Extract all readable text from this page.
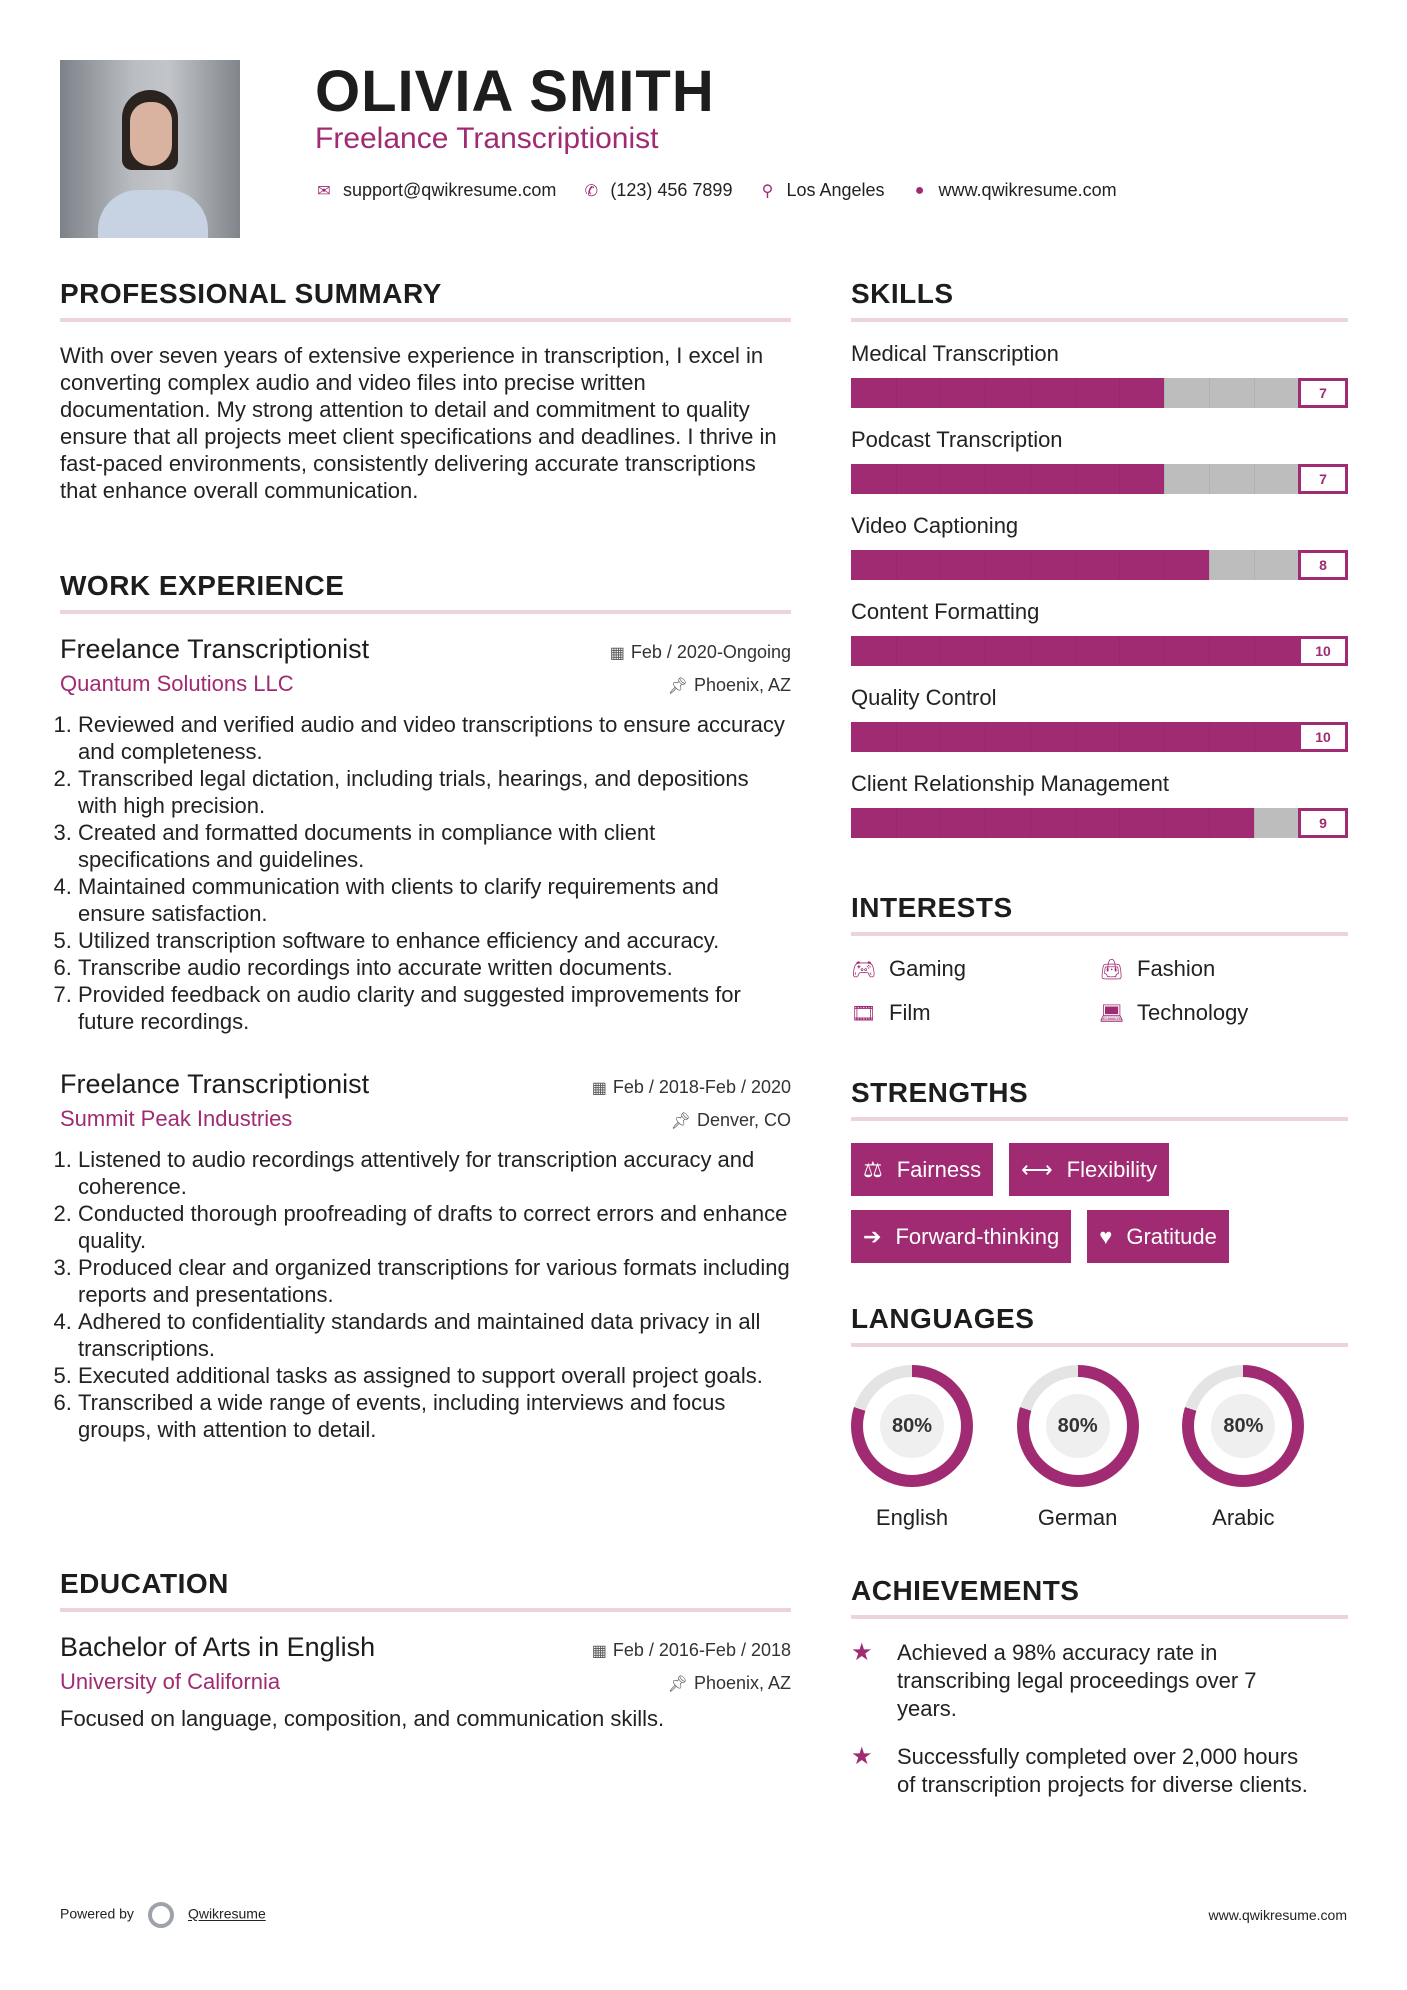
OLIVIA SMITH
Freelance Transcriptionist
✉ support@qwikresume.com ✆ (123) 456 7899 ⚲ Los Angeles ● www.qwikresume.com
PROFESSIONAL SUMMARY

With over seven years of extensive experience in transcription, I excel in converting complex audio and video files into precise written documentation. My strong attention to detail and commitment to quality ensure that all projects meet client specifications and deadlines. I thrive in fast-paced environments, consistently delivering accurate transcriptions that enhance overall communication.

WORK EXPERIENCE
Freelance Transcriptionist	▦ Feb / 2020-Ongoing
Quantum Solutions LLC	📌︎ Phoenix, AZ
1. Reviewed and verified audio and video transcriptions to ensure accuracy and completeness.
2. Transcribed legal dictation, including trials, hearings, and depositions with high precision.
3. Created and formatted documents in compliance with client specifications and guidelines.
4. Maintained communication with clients to clarify requirements and ensure satisfaction.
5. Utilized transcription software to enhance efficiency and accuracy.
6. Transcribe audio recordings into accurate written documents.
7. Provided feedback on audio clarity and suggested improvements for future recordings.
Freelance Transcriptionist	▦ Feb / 2018-Feb / 2020
Summit Peak Industries	📌︎ Denver, CO
1. Listened to audio recordings attentively for transcription accuracy and coherence.
2. Conducted thorough proofreading of drafts to correct errors and enhance quality.
3. Produced clear and organized transcriptions for various formats including reports and presentations.
4. Adhered to confidentiality standards and maintained data privacy in all transcriptions.
5. Executed additional tasks as assigned to support overall project goals.
6. Transcribed a wide range of events, including interviews and focus groups, with attention to detail.
EDUCATION
Bachelor of Arts in English	▦ Feb / 2016-Feb / 2018
University of California	📌︎ Phoenix, AZ

Focused on language, composition, and communication skills.

SKILLS
Medical Transcription
7
Podcast Transcription
7
Video Captioning
8
Content Formatting
10
Quality Control
10
Client Relationship Management
9
INTERESTS
🎮︎ Gaming	👜︎ Fashion
🎞︎ Film	💻︎ Technology
STRENGTHS
⚖ Fairness ⟷ Flexibility
➔ Forward-thinking ♥ Gratitude
LANGUAGES
80%
English
80%
German
80%
Arabic
ACHIEVEMENTS
★	Achieved a 98% accuracy rate in transcribing legal proceedings over 7 years.
★	Successfully completed over 2,000 hours of transcription projects for diverse clients.
Powered by	Qwikresume	www.qwikresume.com
